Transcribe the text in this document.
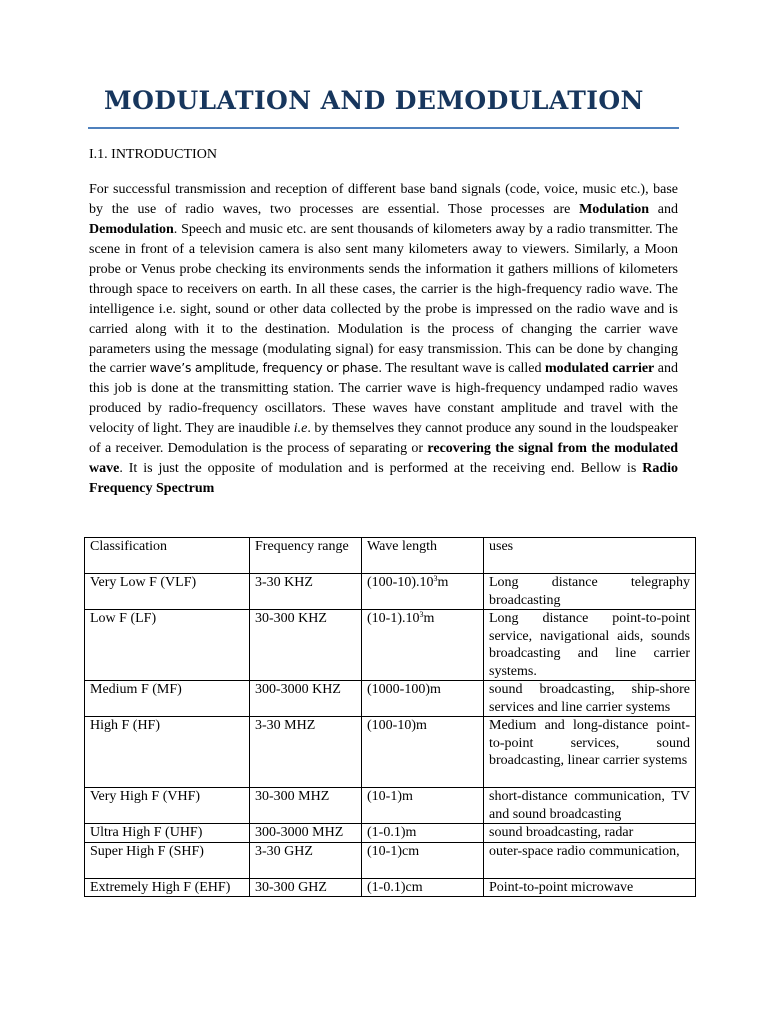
MODULATION AND DEMODULATION

I.1. INTRODUCTION

For successful transmission and reception of different base band signals (code, voice, music etc.), base by the use of radio waves, two processes are essential. Those processes are Modulation and Demodulation. Speech and music etc. are sent thousands of kilometers away by a radio transmitter. The scene in front of a television camera is also sent many kilometers away to viewers. Similarly, a Moon probe or Venus probe checking its environments sends the information it gathers millions of kilometers through space to receivers on earth. In all these cases, the carrier is the high-frequency radio wave. The intelligence i.e. sight, sound or other data collected by the probe is impressed on the radio wave and is carried along with it to the destination. Modulation is the process of changing the carrier wave parameters using the message (modulating signal) for easy transmission. This can be done by changing the carrier wave’s amplitude, frequency or phase. The resultant wave is called modulated carrier and this job is done at the transmitting station. The carrier wave is high-frequency undamped radio waves produced by radio-frequency oscillators. These waves have constant amplitude and travel with the velocity of light. They are inaudible i.e. by themselves they cannot produce any sound in the loudspeaker of a receiver. Demodulation is the process of separating or recovering the signal from the modulated wave. It is just the opposite of modulation and is performed at the receiving end. Bellow is Radio Frequency Spectrum

Classification	Frequency range	Wave length	uses
Very Low F (VLF)	3-30 KHZ	$(100-10).10^3m$	Long distance telegraphy broadcasting
Low F (LF)	30-300 KHZ	$(10-1).10^3m$	Long distance point-to-point service, navigational aids, sounds broadcasting and line carrier systems.
Medium F (MF)	300-3000 KHZ	(1000-100)m	sound broadcasting, ship-shore services and line carrier systems
High F (HF)	3-30 MHZ	(100-10)m	Medium and long-distance point-to-point services, sound broadcasting, linear carrier systems
Very High F (VHF)	30-300 MHZ	(10-1)m	short-distance communication, TV and sound broadcasting
Ultra High F (UHF)	300-3000 MHZ	(1-0.1)m	sound broadcasting, radar
Super High F (SHF)	3-30 GHZ	(10-1)cm	outer-space radio communication,
Extremely High F (EHF)	30-300 GHZ	(1-0.1)cm	Point-to-point microwave
